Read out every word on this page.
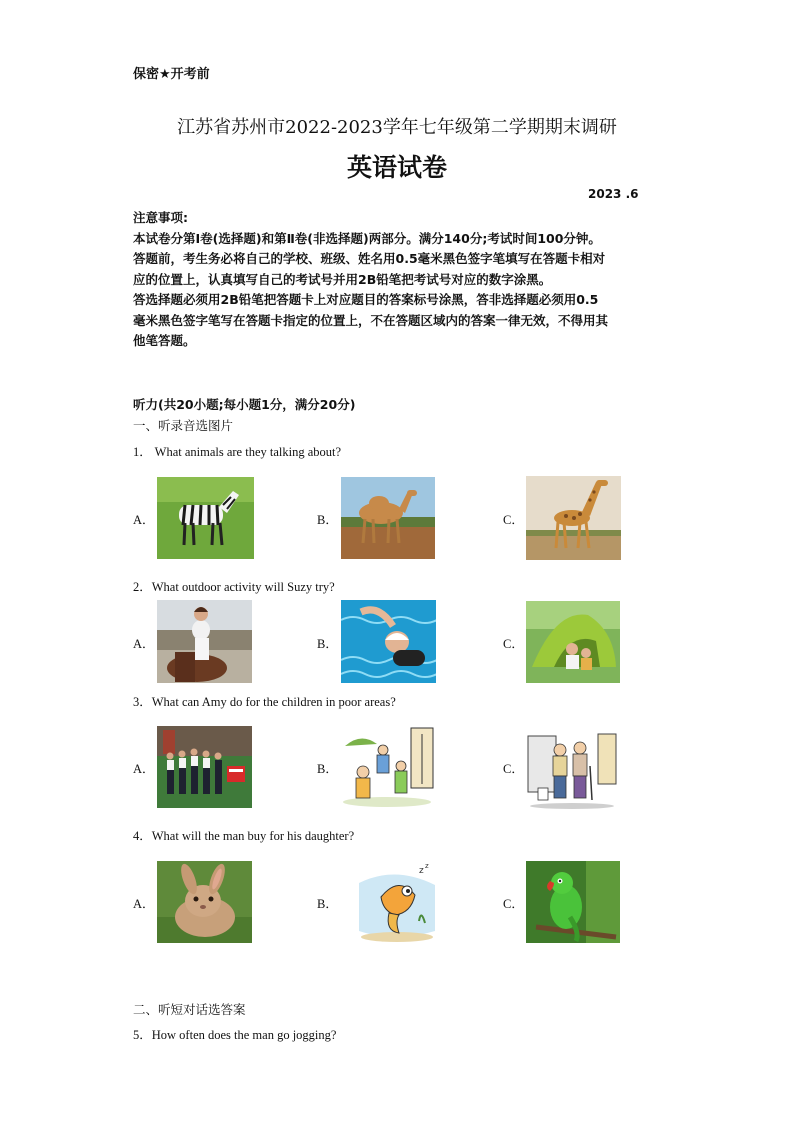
保密★开考前
江苏省苏州市2022-2023学年七年级第二学期期末调研
英语试卷
2023 .6
注意事项:
本试卷分第Ⅰ卷(选择题)和第Ⅱ卷(非选择题)两部分。满分140分;考试时间100分钟。
答题前，考生务必将自己的学校、班级、姓名用0.5毫米黑色签字笔填写在答题卡相对
应的位置上，认真填写自己的考试号并用2B铅笔把考试号对应的数字涂黑。
答选择题必须用2B铅笔把答题卡上对应题目的答案标号涂黑，答非选择题必须用0.5
毫米黑色签字笔写在答题卡指定的位置上，不在答题区域内的答案一律无效，不得用其
他笔答题。
听力(共20小题;每小题1分，满分20分)
一、听录音选图片
1． What animals are they talking about?
A．	B．	C．
2．What outdoor activity will Suzy try?
A．	B．	C．
3．What can Amy do for the children in poor areas?
A．	B．	C．
4．What will the man buy for his daughter?
A．	B．
z z
C．
二、听短对话选答案
5．How often does the man go jogging?
